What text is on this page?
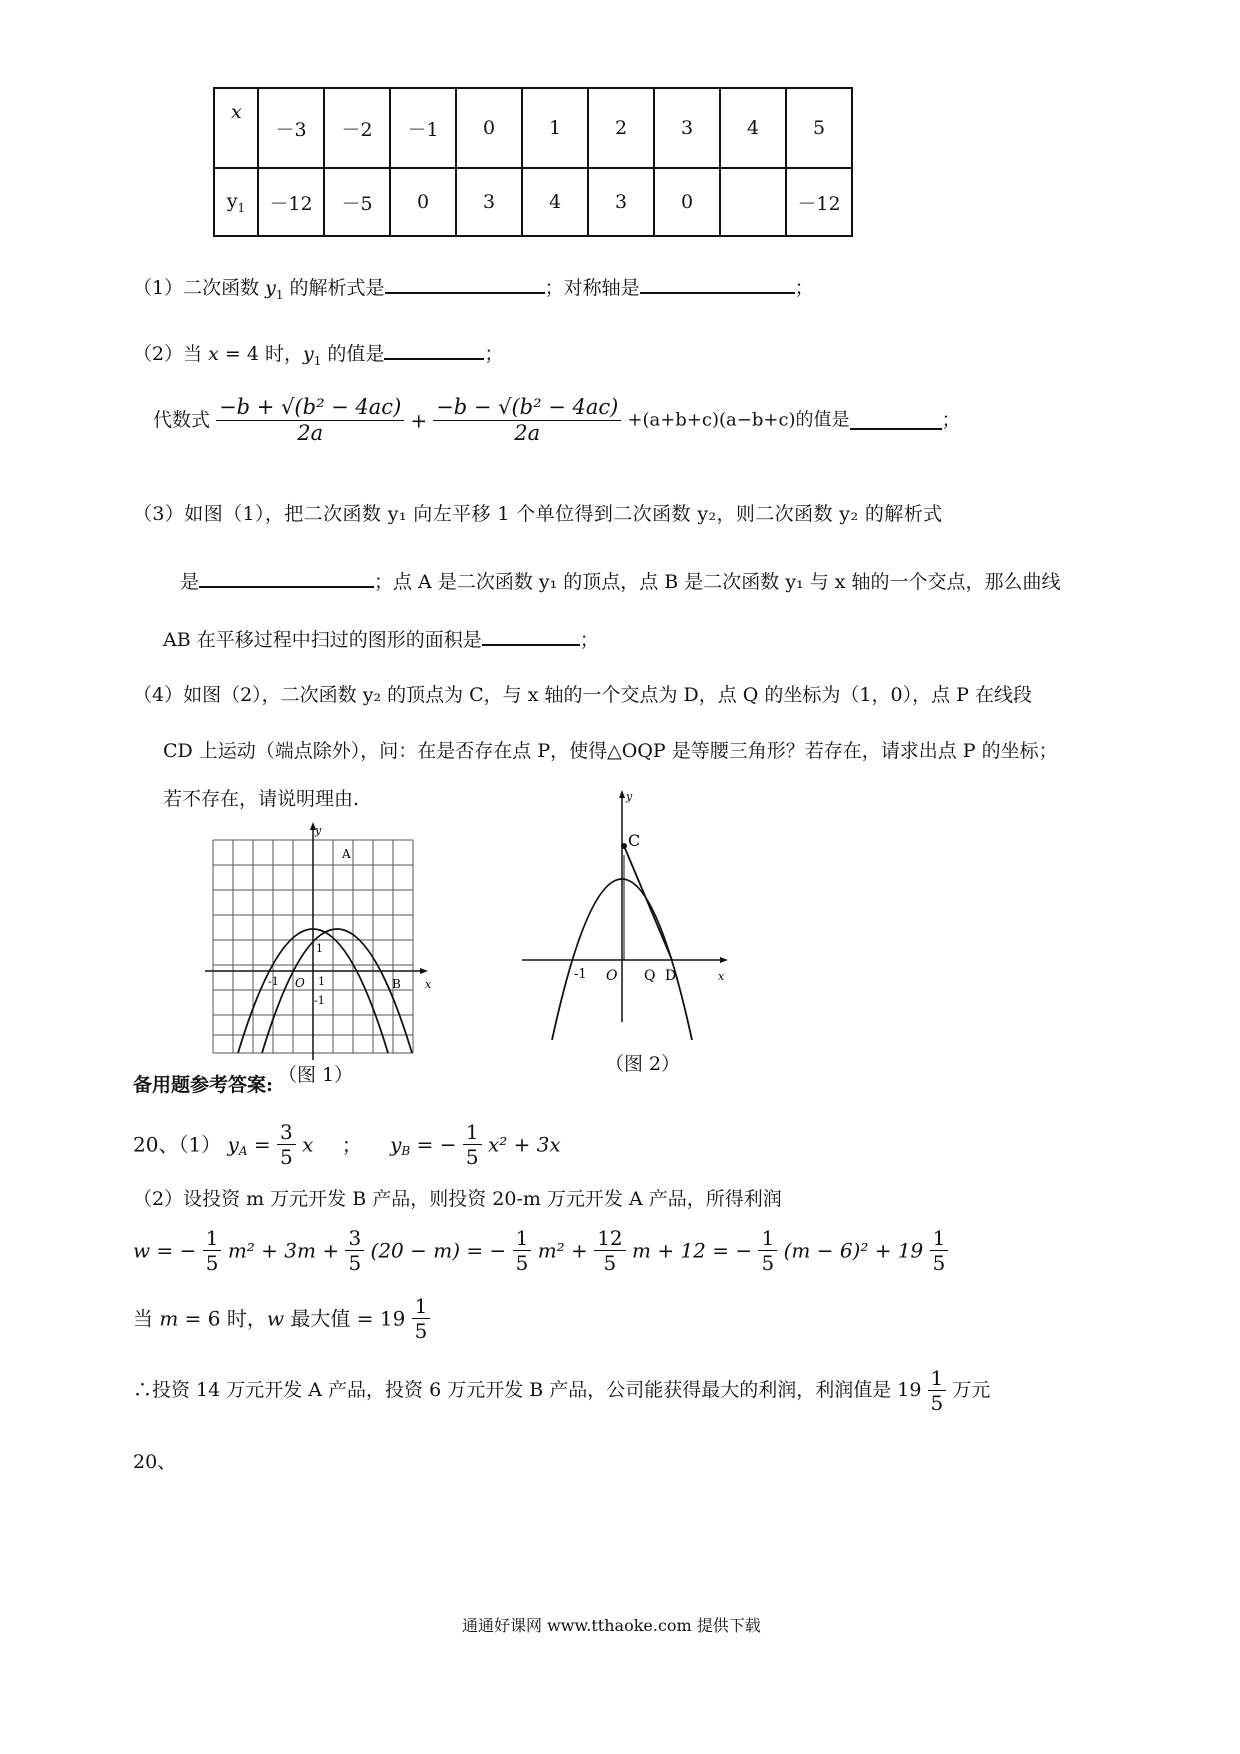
x	－3	－2	－1	0	1	2	3	4	5
$y_1$	－12	－5	0	3	4	3	0		－12
（1）二次函数 $y_1$ 的解析式是	；对称轴是	；
（2）当 x = 4 时，$y_1$ 的值是	；
代数式 $\frac{\text{−b + √(b² − 4ac)}}{2a} + \frac{\text{−b − √(b² − 4ac)}}{2a} +(a+b+c)(a-b+c)$的值是	；
（3）如图（1），把二次函数 y₁ 向左平移 1 个单位得到二次函数 y₂，则二次函数 y₂ 的解析式
是	；点 A 是二次函数 y₁ 的顶点，点 B 是二次函数 y₁ 与 x 轴的一个交点，那么曲线
AB 在平移过程中扫过的图形的面积是	；
（4）如图（2），二次函数 y₂ 的顶点为 C，与 x 轴的一个交点为 D，点 Q 的坐标为（1，0），点 P 在线段
CD 上运动（端点除外），问：在是否存在点 P，使得△OQP 是等腰三角形？若存在，请求出点 P 的坐标；
若不存在，请说明理由.
y
x
A
B
O 1
-1
1
-1
（图 1）
y
x
C
O Q D
-1
（图 2）
备用题参考答案:
20、（1） $y_A = \frac{3}{5}$ x ； $y_B$ = − $\frac{1}{5} x^2 + 3x$
（2）设投资 m 万元开发 B 产品，则投资 20-m 万元开发 A 产品，所得利润
w = − $\frac{1}{5} m^2 + 3m + \frac{3}{5} (20 - m)$ = − $\frac{1}{5} m^2 + \frac{12}{5}$ m + 12 = − $\frac{1}{5} (m - 6)^2 + 19 \frac{1}{5}$
当 m = 6 时，w 最大值 = $19 \frac{1}{5}$
∴投资 14 万元开发 A 产品，投资 6 万元开发 B 产品，公司能获得最大的利润，利润值是 $19 \frac{1}{5}$ 万元
20、
通通好课网 www.tthaoke.com 提供下载
